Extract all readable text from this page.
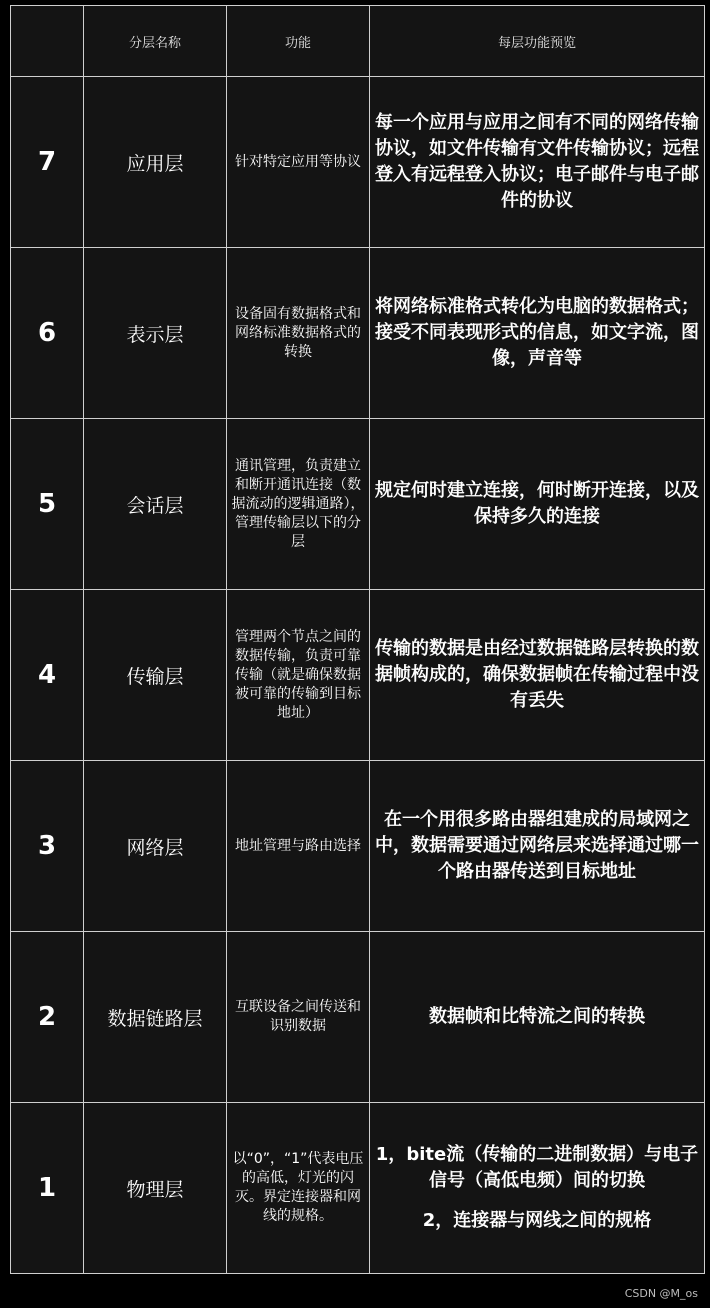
	分层名称	功能	每层功能预览
7	应用层	针对特定应用等协议	每一个应用与应用之间有不同的网络传输协议，如文件传输有文件传输协议；远程登入有远程登入协议；电子邮件与电子邮件的协议
6	表示层	设备固有数据格式和网络标准数据格式的转换	将网络标准格式转化为电脑的数据格式；接受不同表现形式的信息，如文字流，图像，声音等
5	会话层	通讯管理，负责建立和断开通讯连接（数据流动的逻辑通路），管理传输层以下的分层	规定何时建立连接，何时断开连接，以及保持多久的连接
4	传输层	管理两个节点之间的数据传输，负责可靠传输（就是确保数据被可靠的传输到目标地址）	传输的数据是由经过数据链路层转换的数据帧构成的，确保数据帧在传输过程中没有丢失
3	网络层	地址管理与路由选择	在一个用很多路由器组建成的局域网之中，数据需要通过网络层来选择通过哪一个路由器传送到目标地址
2	数据链路层	互联设备之间传送和识别数据	数据帧和比特流之间的转换
1	物理层	以“0”，“1”代表电压的高低，灯光的闪灭。界定连接器和网线的规格。	1，bite流（传输的二进制数据）与电子信号（高低电频）间的切换
2，连接器与网线之间的规格
CSDN @M_os
